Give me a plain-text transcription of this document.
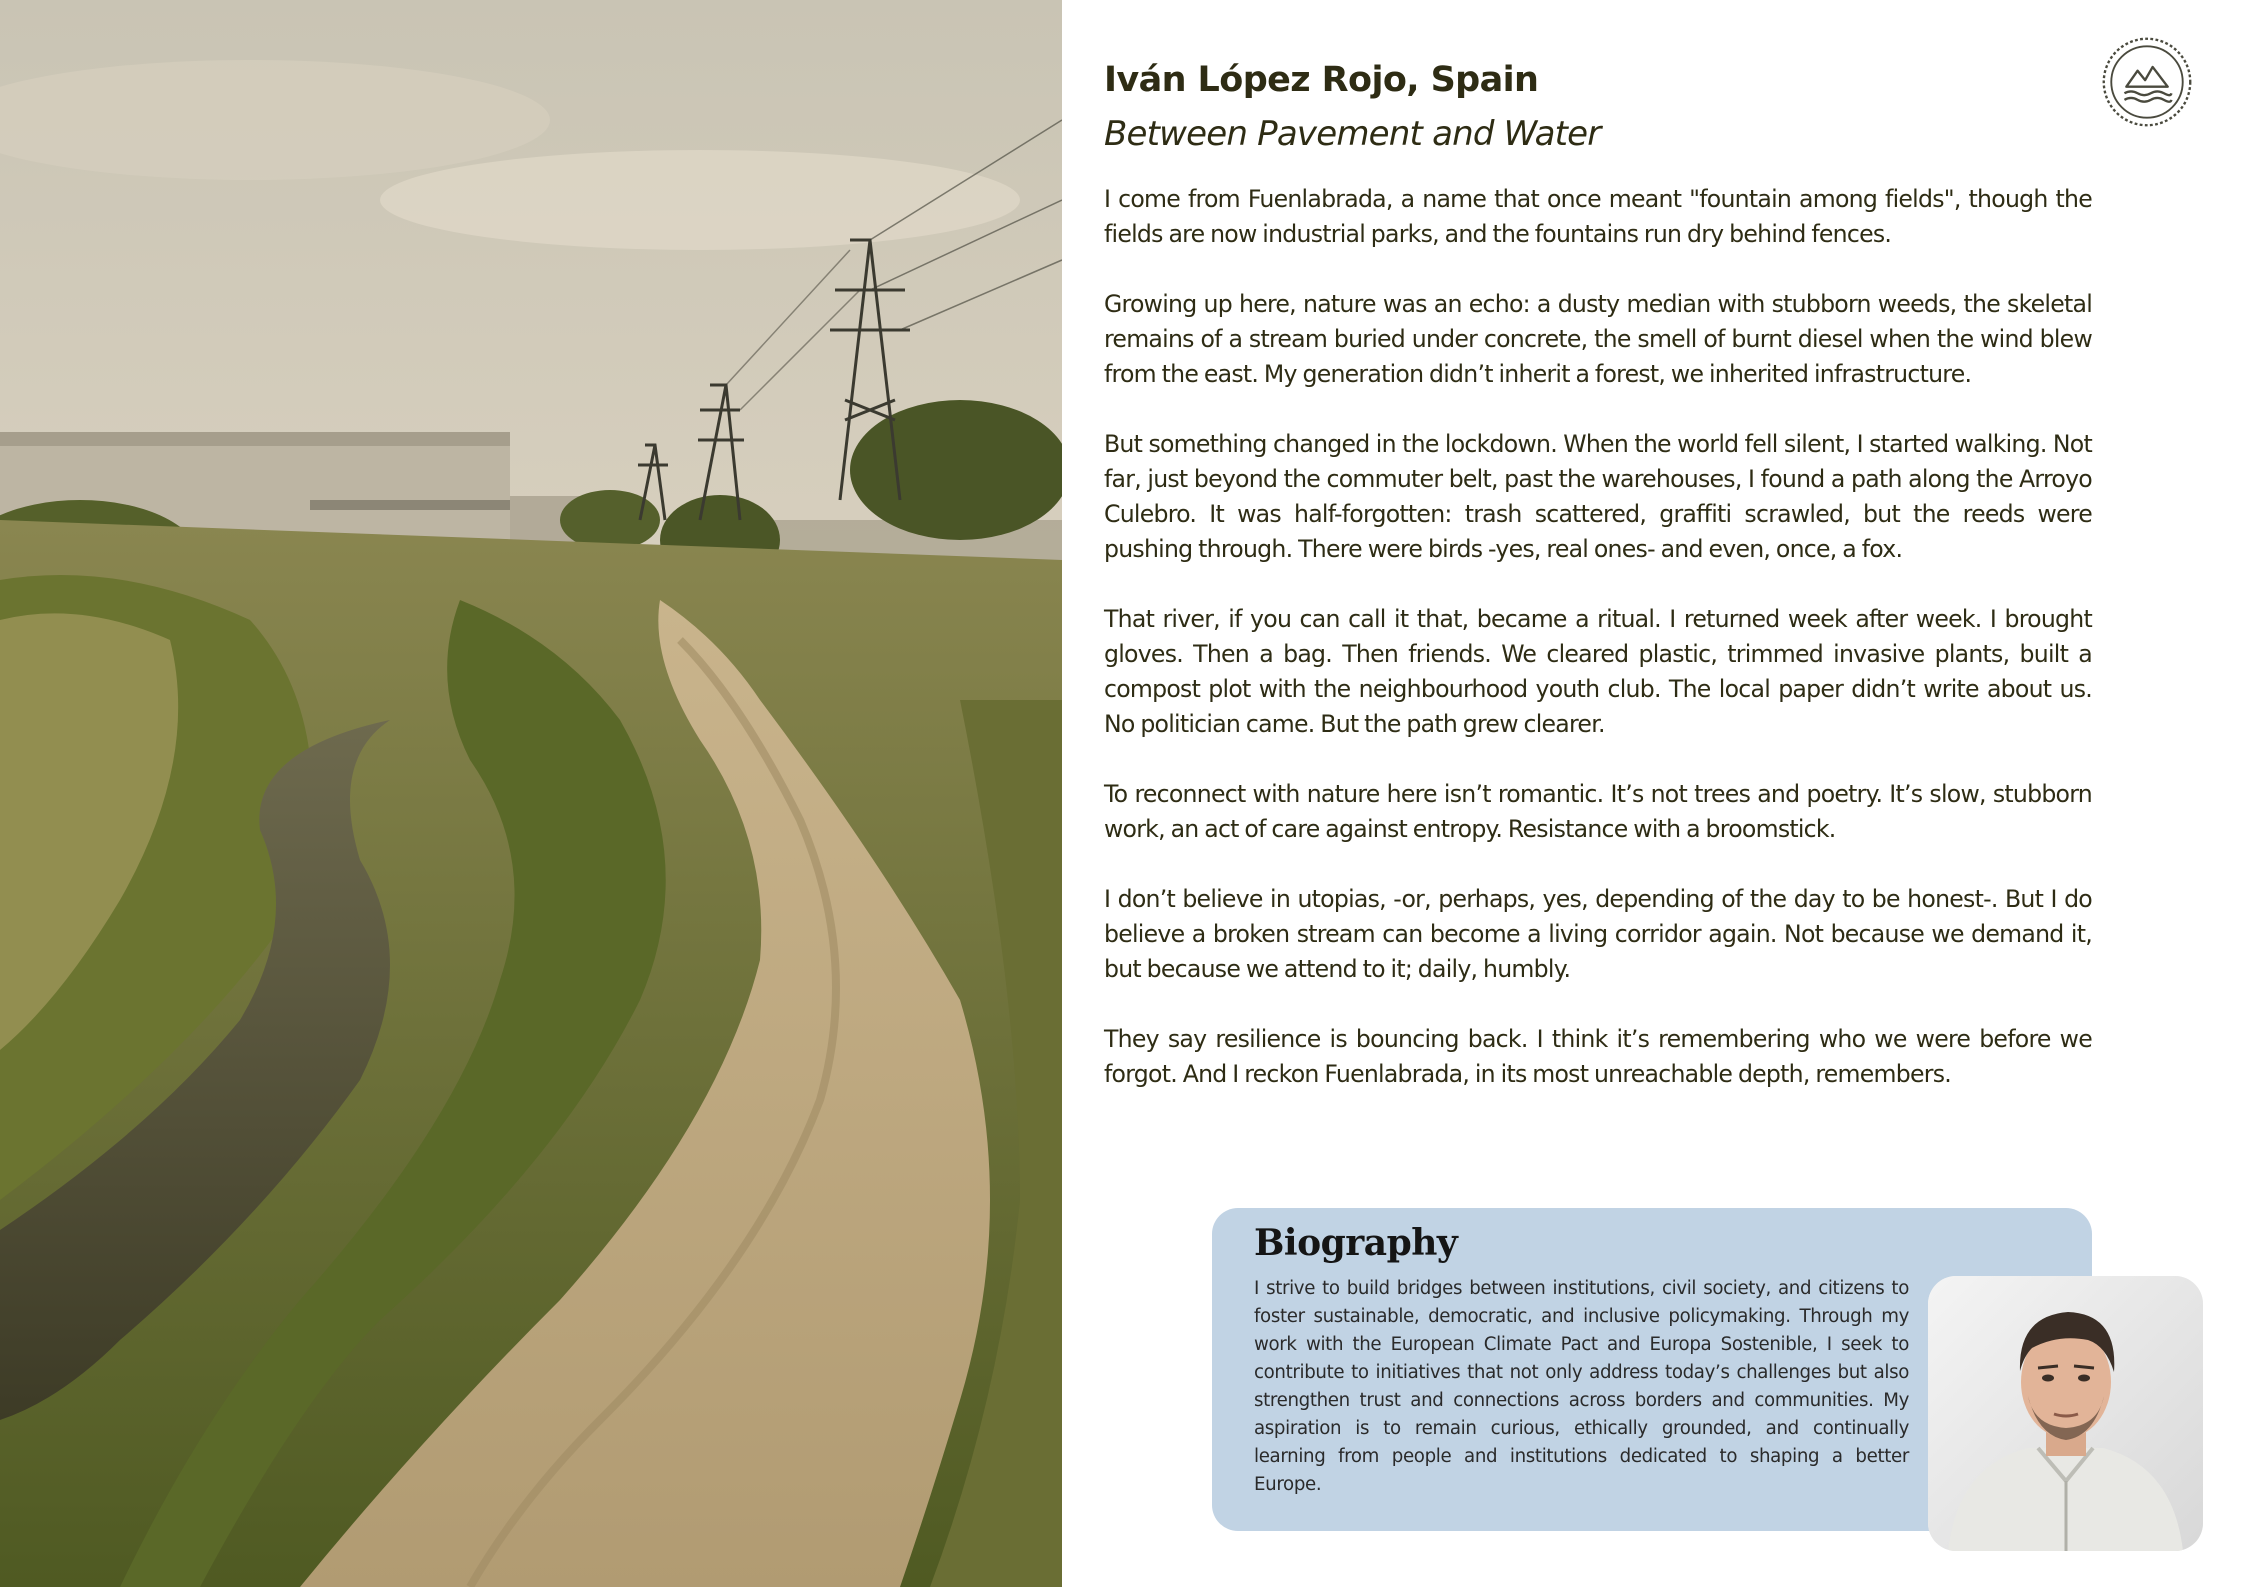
Iván López Rojo, Spain
Between Pavement and Water

I come from Fuenlabrada, a name that once meant "fountain among fields", though the fields are now industrial parks, and the fountains run dry behind fences.

Growing up here, nature was an echo: a dusty median with stubborn weeds, the skeletal remains of a stream buried under concrete, the smell of burnt diesel when the wind blew from the east. My generation didn’t inherit a forest, we inherited infrastructure.

But something changed in the lockdown. When the world fell silent, I started walking. Not far, just beyond the commuter belt, past the warehouses, I found a path along the Arroyo Culebro. It was half-forgotten: trash scattered, graffiti scrawled, but the reeds were pushing through. There were birds -yes, real ones- and even, once, a fox.

That river, if you can call it that, became a ritual. I returned week after week. I brought gloves. Then a bag. Then friends. We cleared plastic, trimmed invasive plants, built a compost plot with the neighbourhood youth club. The local paper didn’t write about us. No politician came. But the path grew clearer.

To reconnect with nature here isn’t romantic. It’s not trees and poetry. It’s slow, stubborn work, an act of care against entropy. Resistance with a broomstick.

I don’t believe in utopias, -or, perhaps, yes, depending of the day to be honest-. But I do believe a broken stream can become a living corridor again. Not because we demand it, but because we attend to it; daily, humbly.

They say resilience is bouncing back. I think it’s remembering who we were before we forgot. And I reckon Fuenlabrada, in its most unreachable depth, remembers.

Biography

I strive to build bridges between institutions, civil society, and citizens to foster sustainable, democratic, and inclusive policymaking. Through my work with the European Climate Pact and Europa Sostenible, I seek to contribute to initiatives that not only address today’s challenges but also strengthen trust and connections across borders and communities. My aspiration is to remain curious, ethically grounded, and continually learning from people and institutions dedicated to shaping a better Europe.
